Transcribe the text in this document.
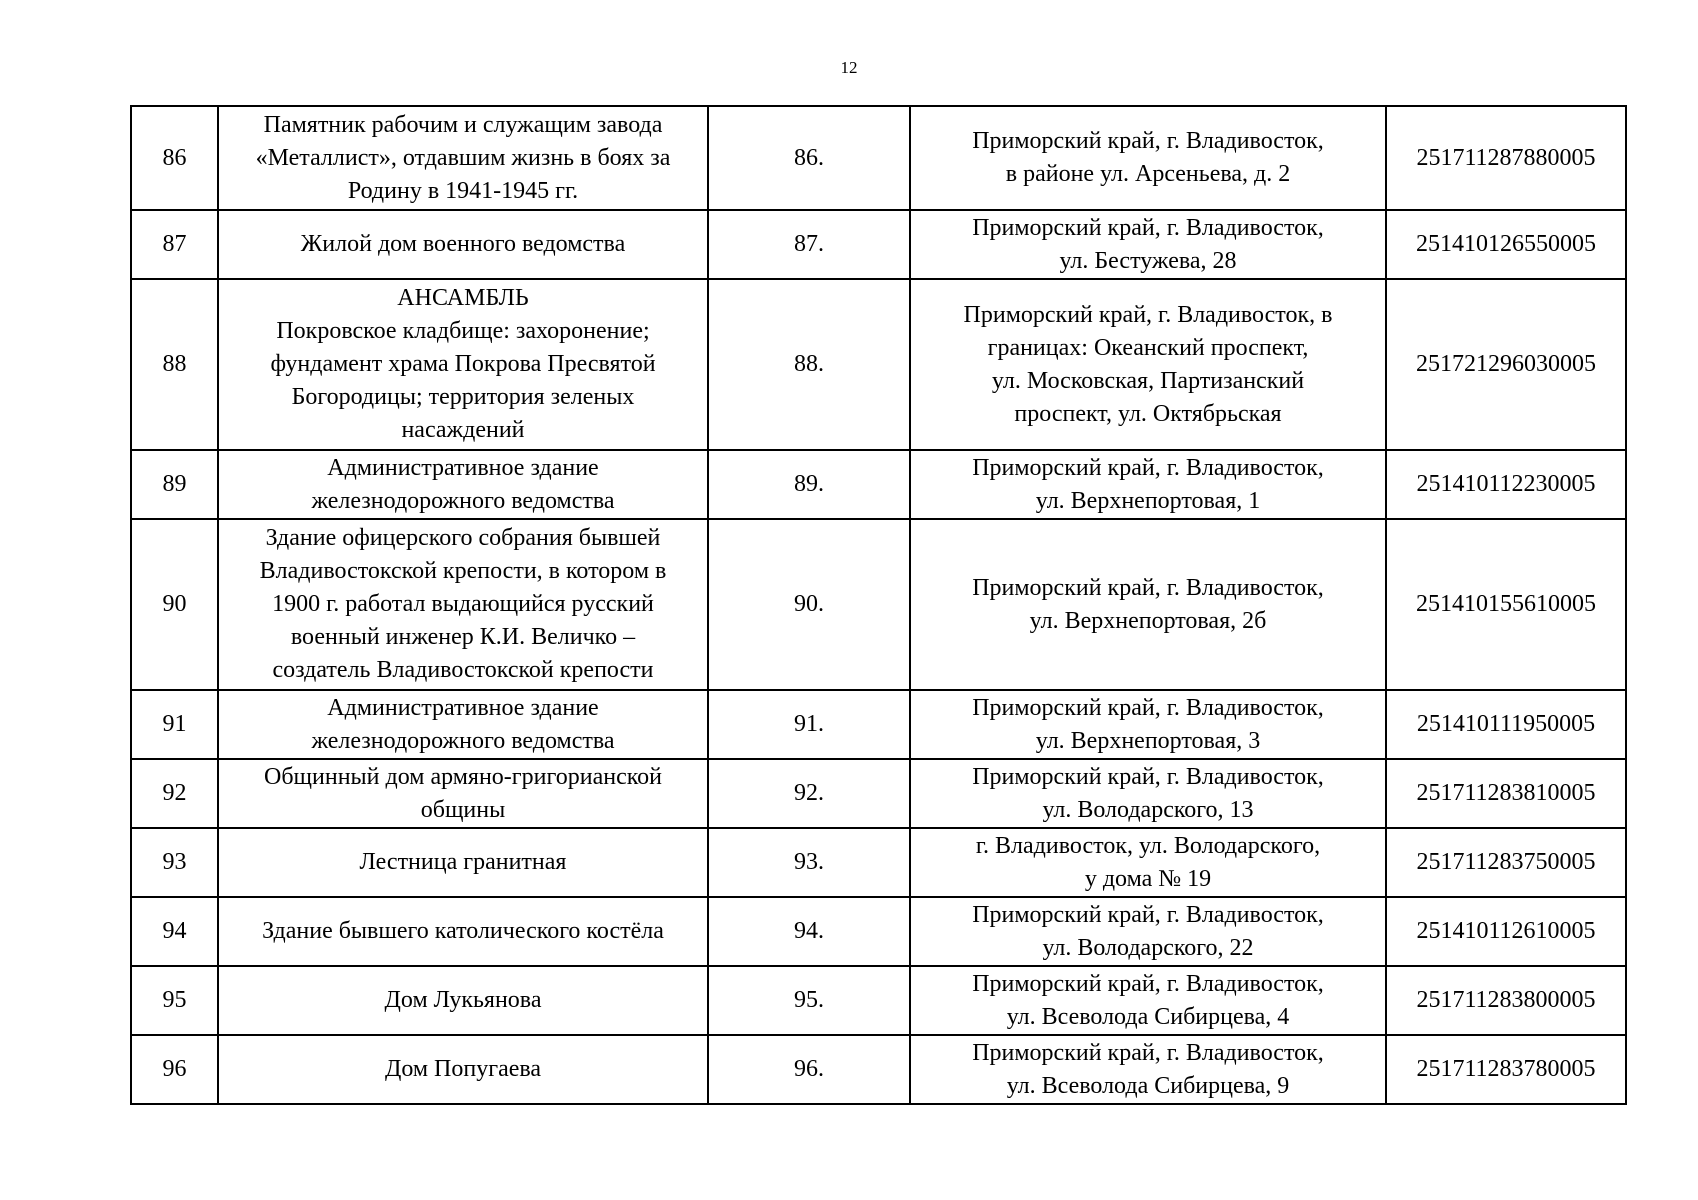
12
86	Памятник рабочим и служащим завода
«Металлист», отдавшим жизнь в боях за
Родину в 1941-1945 гг.	86.	Приморский край, г. Владивосток,
в районе ул. Арсеньева, д. 2	251711287880005
87	Жилой дом военного ведомства	87.	Приморский край, г. Владивосток,
ул. Бестужева, 28	251410126550005
88	АНСАМБЛЬ
Покровское кладбище: захоронение;
фундамент храма Покрова Пресвятой
Богородицы; территория зеленых
насаждений	88.	Приморский край, г. Владивосток, в
границах: Океанский проспект,
ул. Московская, Партизанский
проспект, ул. Октябрьская	251721296030005
89	Административное здание
железнодорожного ведомства	89.	Приморский край, г. Владивосток,
ул. Верхнепортовая, 1	251410112230005
90	Здание офицерского собрания бывшей
Владивостокской крепости, в котором в
1900 г. работал выдающийся русский
военный инженер К.И. Величко –
создатель Владивостокской крепости	90.	Приморский край, г. Владивосток,
ул. Верхнепортовая, 2б	251410155610005
91	Административное здание
железнодорожного ведомства	91.	Приморский край, г. Владивосток,
ул. Верхнепортовая, 3	251410111950005
92	Общинный дом армяно-григорианской
общины	92.	Приморский край, г. Владивосток,
ул. Володарского, 13	251711283810005
93	Лестница гранитная	93.	г. Владивосток, ул. Володарского,
у дома № 19	251711283750005
94	Здание бывшего католического костёла	94.	Приморский край, г. Владивосток,
ул. Володарского, 22	251410112610005
95	Дом Лукьянова	95.	Приморский край, г. Владивосток,
ул. Всеволода Сибирцева, 4	251711283800005
96	Дом Попугаева	96.	Приморский край, г. Владивосток,
ул. Всеволода Сибирцева, 9	251711283780005
